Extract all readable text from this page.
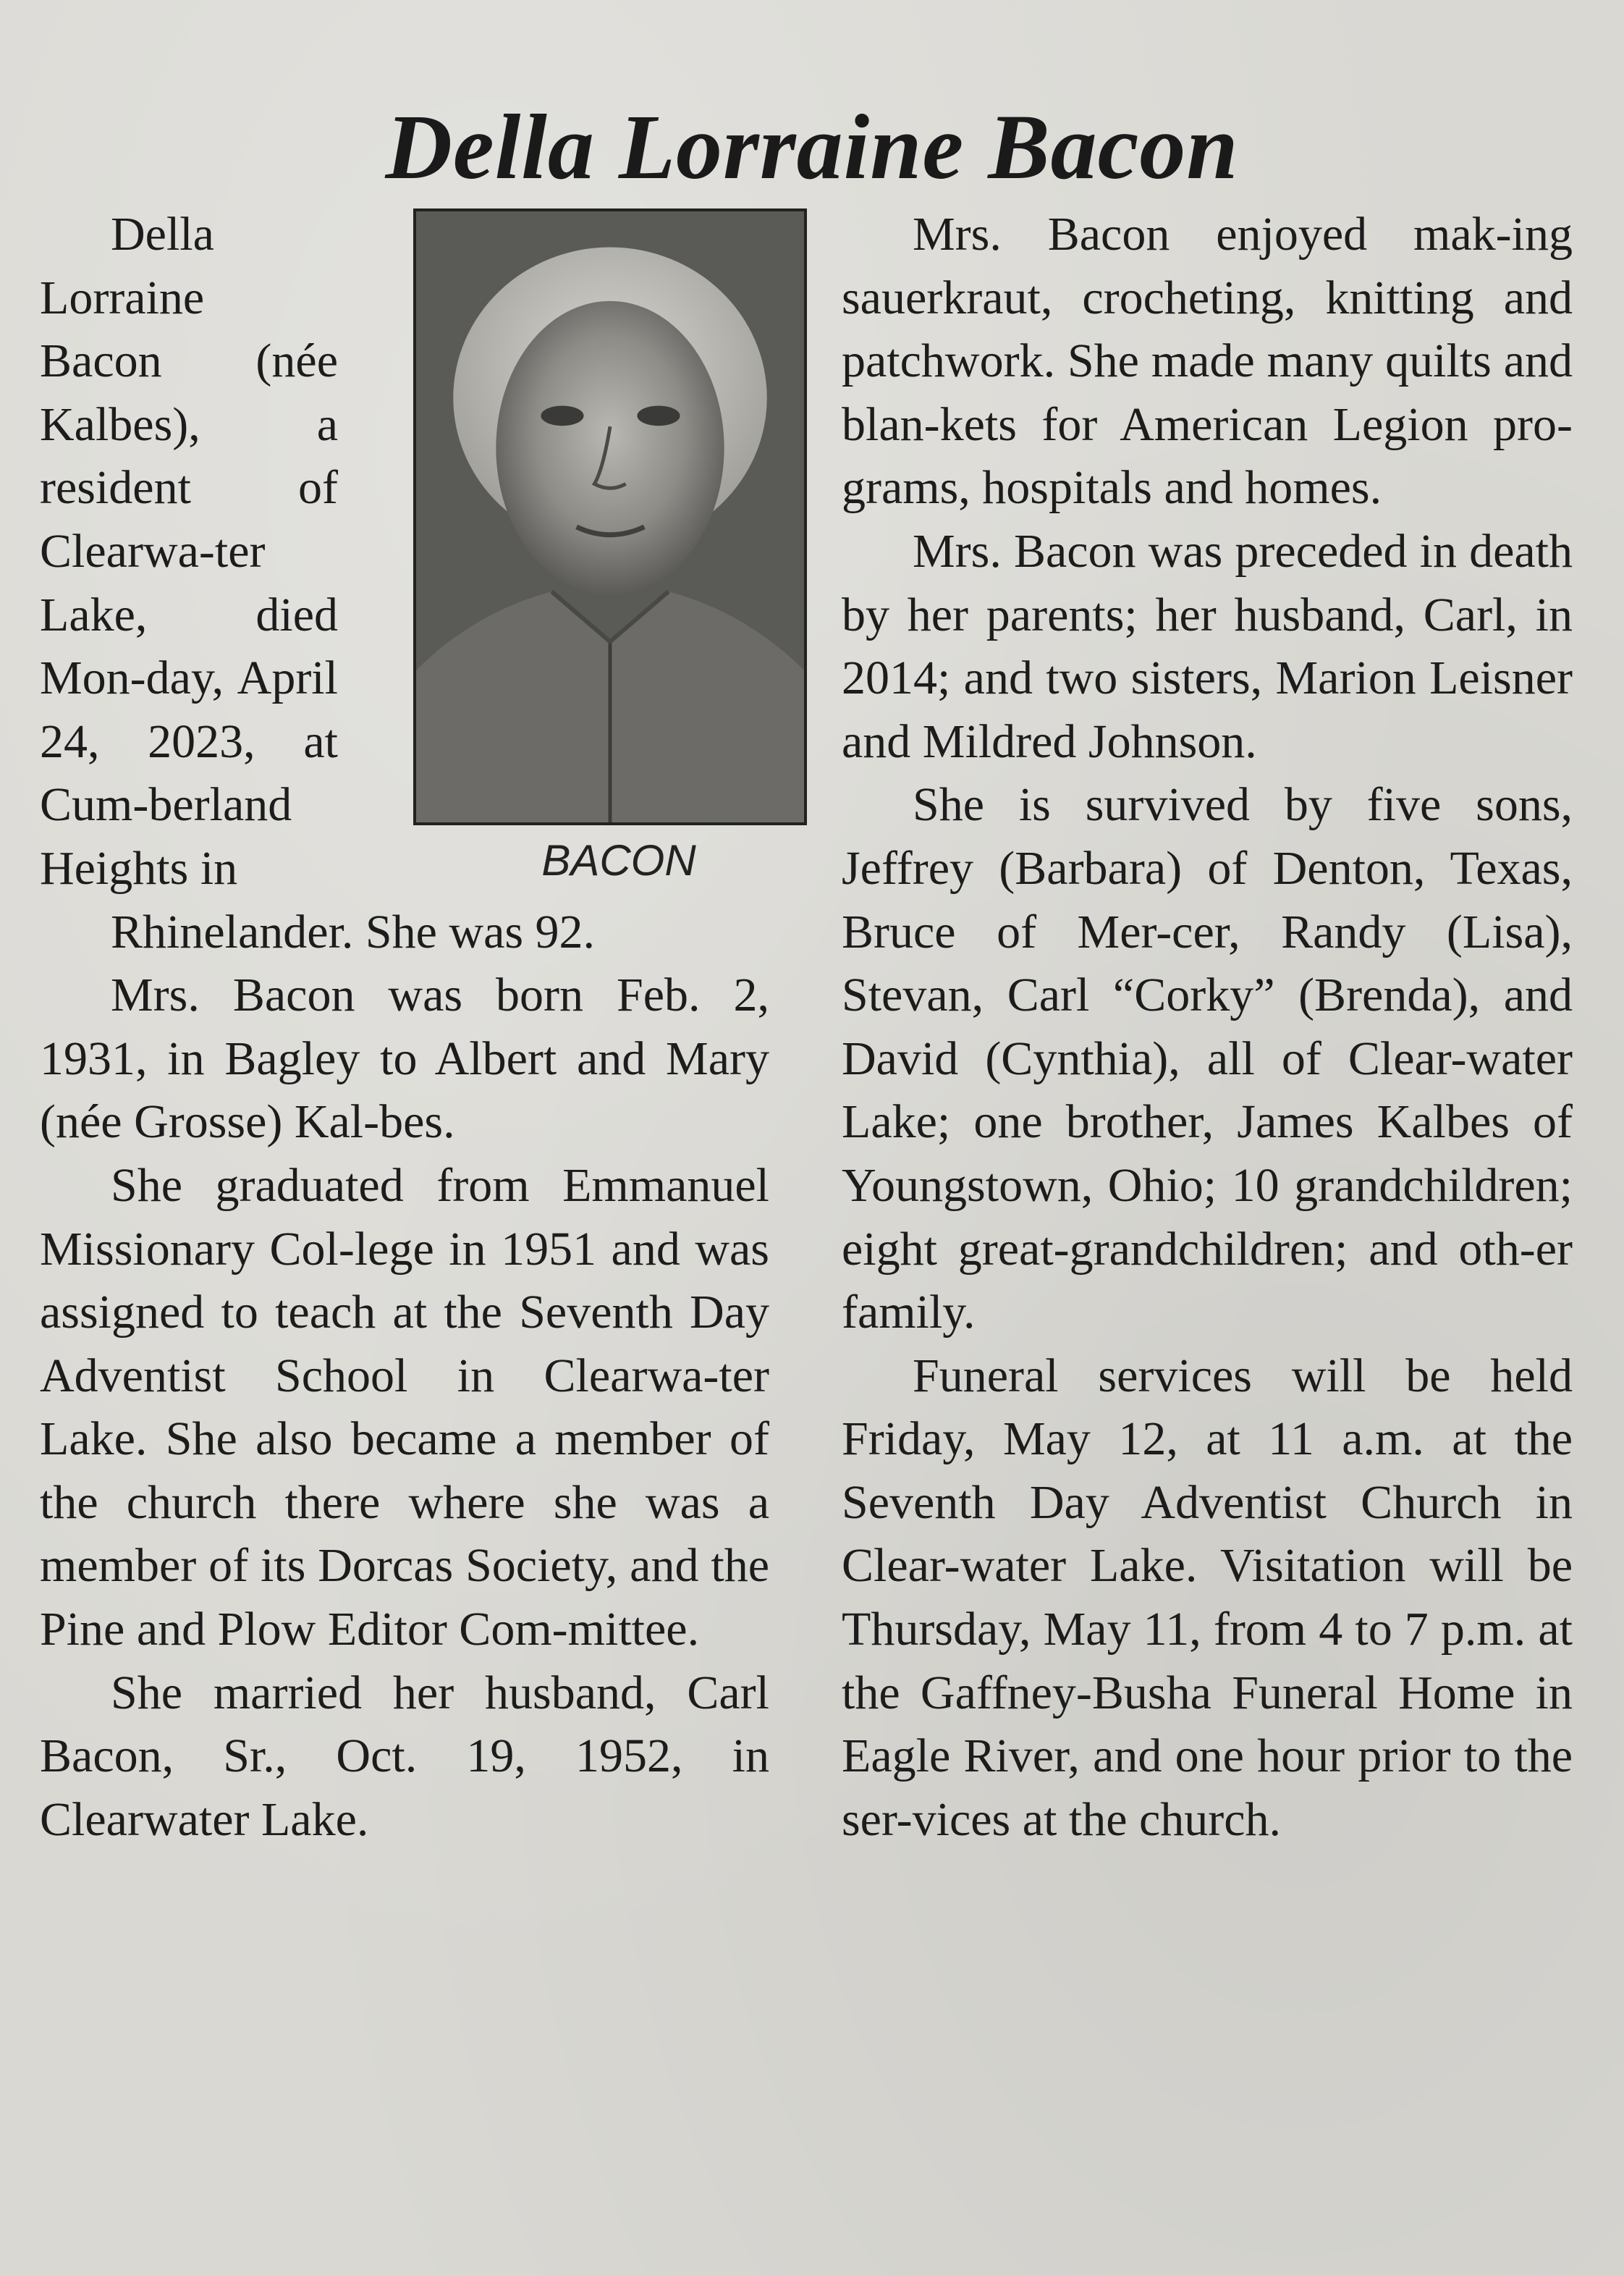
Della Lorraine Bacon

Della Lorraine Bacon (née Kalbes), a resident of Clearwa-ter Lake, died Mon-day, April 24, 2023, at Cum-berland Heights in	BACON

Rhinelander. She was 92.

Mrs. Bacon was born Feb. 2, 1931, in Bagley to Albert and Mary (née Grosse) Kal-bes.

She graduated from Emmanuel Missionary Col-lege in 1951 and was assigned to teach at the Seventh Day Adventist School in Clearwa-ter Lake. She also became a member of the church there where she was a member of its Dorcas Society, and the Pine and Plow Editor Com-mittee.

She married her husband, Carl Bacon, Sr., Oct. 19, 1952, in Clearwater Lake.

Mrs. Bacon enjoyed mak-ing sauerkraut, crocheting, knitting and patchwork. She made many quilts and blan-kets for American Legion pro-grams, hospitals and homes.

Mrs. Bacon was preceded in death by her parents; her husband, Carl, in 2014; and two sisters, Marion Leisner and Mildred Johnson.

She is survived by five sons, Jeffrey (Barbara) of Denton, Texas, Bruce of Mer-cer, Randy (Lisa), Stevan, Carl “Corky” (Brenda), and David (Cynthia), all of Clear-water Lake; one brother, James Kalbes of Youngstown, Ohio; 10 grandchildren; eight great-grandchildren; and oth-er family.

Funeral services will be held Friday, May 12, at 11 a.m. at the Seventh Day Adventist Church in Clear-water Lake. Visitation will be Thursday, May 11, from 4 to 7 p.m. at the Gaffney-Busha Funeral Home in Eagle River, and one hour prior to the ser-vices at the church.
